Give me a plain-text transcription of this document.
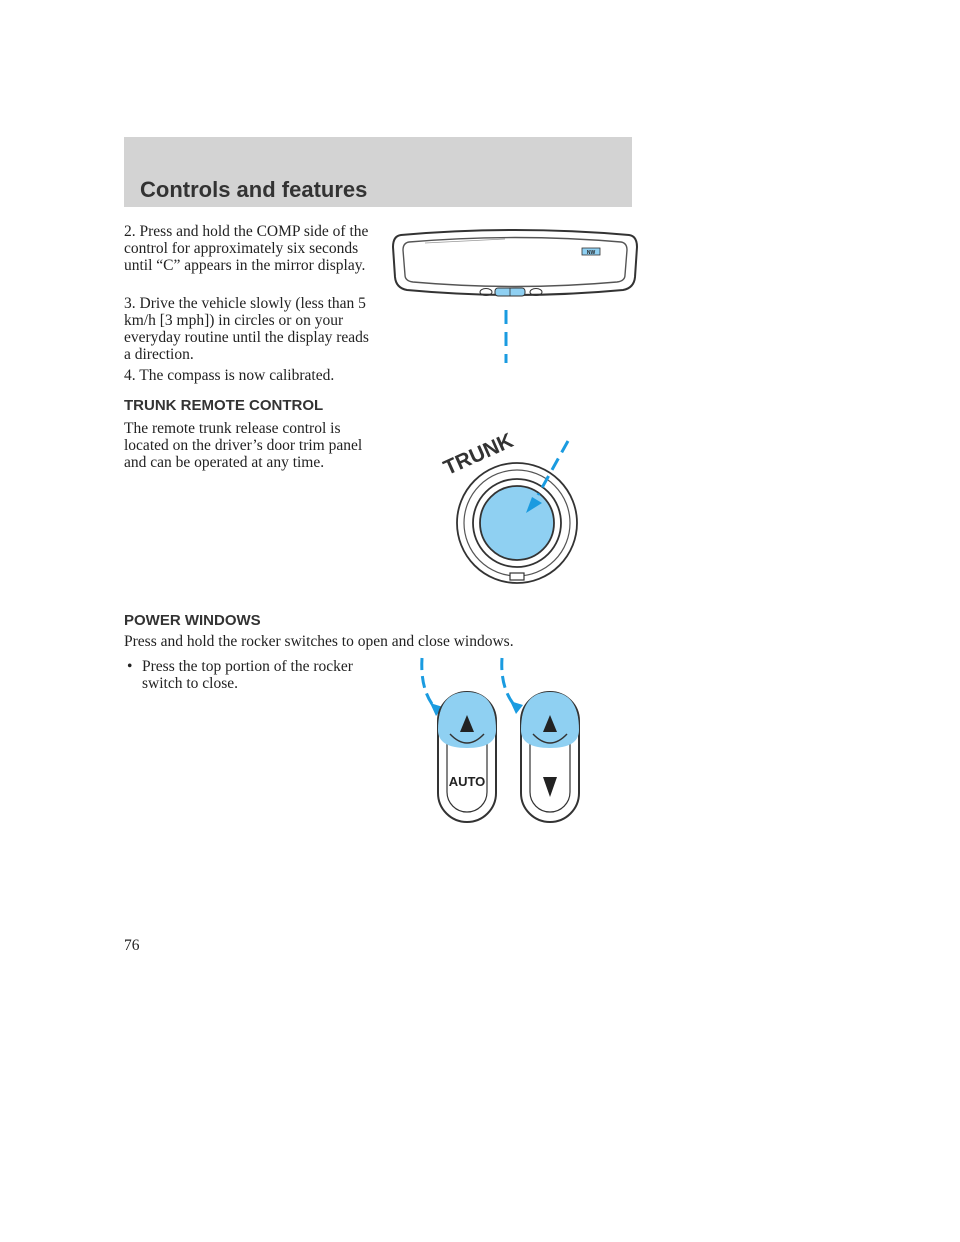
Controls and features

2. Press and hold the COMP side of the control for approximately six seconds until “C” appears in the mirror display.

3. Drive the vehicle slowly (less than 5 km/h [3 mph]) in circles or on your everyday routine until the display reads a direction.

4. The compass is now calibrated.

NW
TRUNK REMOTE CONTROL

The remote trunk release control is located on the driver’s door trim panel and can be operated at any time.	TRUNK
POWER WINDOWS

Press and hold the rocker switches to open and close windows.

• Press the top portion of the rocker switch to close.

AUTO
76
